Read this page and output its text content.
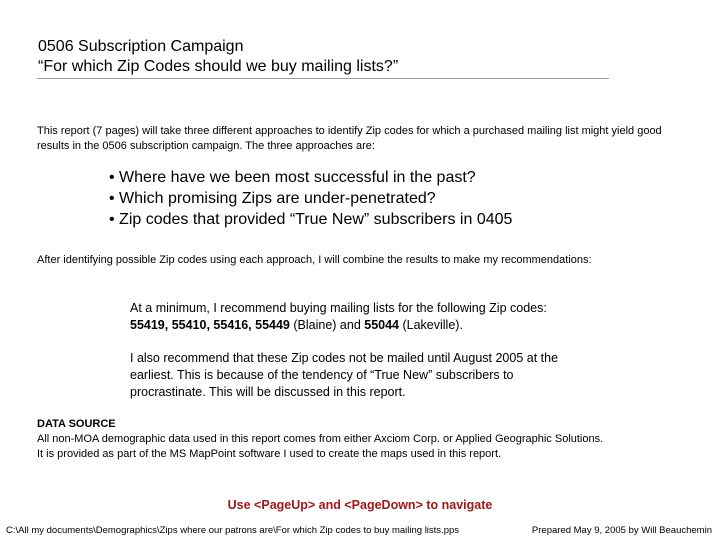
0506 Subscription Campaign
“For which Zip Codes should we buy mailing lists?”
This report (7 pages) will take three different approaches to identify Zip codes for which a purchased mailing list might yield good results in the 0506 subscription campaign. The three approaches are:
• Where have we been most successful in the past?
• Which promising Zips are under-penetrated?
• Zip codes that provided “True New” subscribers in 0405
After identifying possible Zip codes using each approach, I will combine the results to make my recommendations:

At a minimum, I recommend buying mailing lists for the following Zip codes: 55419, 55410, 55416, 55449 (Blaine) and 55044 (Lakeville).

I also recommend that these Zip codes not be mailed until August 2005 at the earliest. This is because of the tendency of “True New” subscribers to procrastinate. This will be discussed in this report.

DATA SOURCE
All non-MOA demographic data used in this report comes from either Axciom Corp. or Applied Geographic Solutions.
It is provided as part of the MS MapPoint software I used to create the maps used in this report.
Use <PageUp> and <PageDown> to navigate
C:\All my documents\Demographics\Zips where our patrons are\For which Zip codes to buy mailing lists.pps	Prepared May 9, 2005 by Will Beauchemin
